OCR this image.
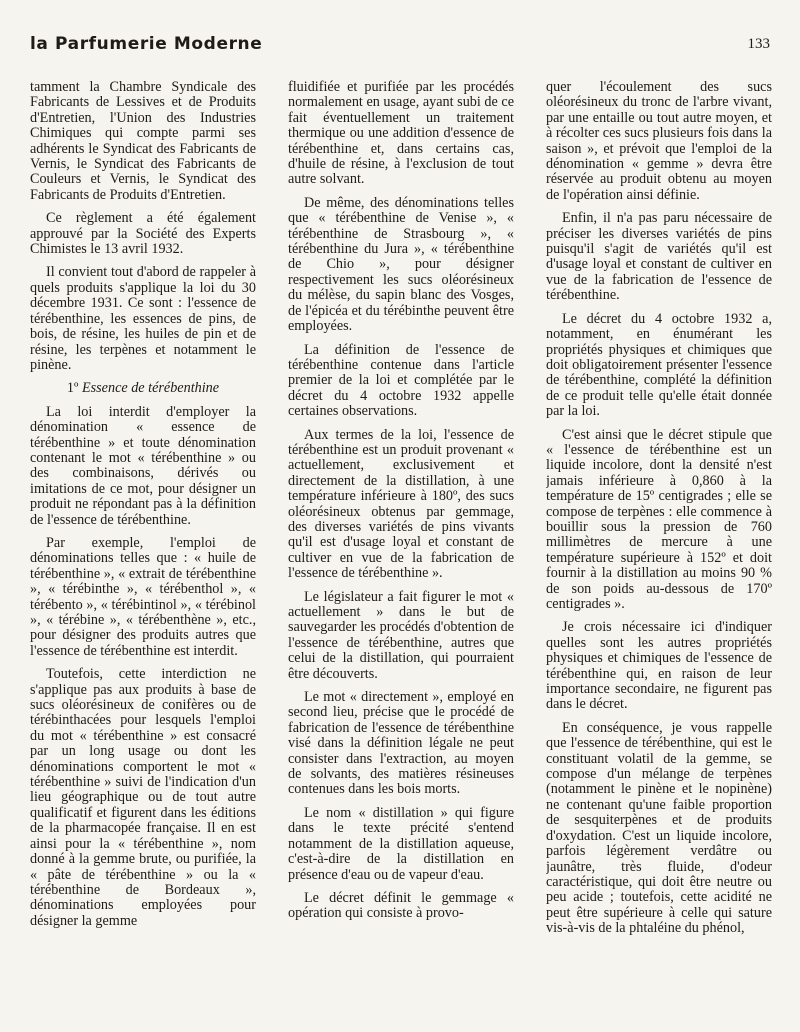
la Parfumerie Moderne	133

tamment la Chambre Syndicale des Fabricants de Lessives et de Produits d'Entretien, l'Union des Industries Chimiques qui compte parmi ses adhérents le Syndicat des Fabricants de Vernis, le Syndicat des Fabricants de Couleurs et Vernis, le Syndicat des Fabricants de Produits d'Entretien.

Ce règlement a été également approuvé par la Société des Experts Chimistes le 13 avril 1932.

Il convient tout d'abord de rappeler à quels produits s'applique la loi du 30 décembre 1931. Ce sont : l'essence de térébenthine, les essences de pins, de bois, de résine, les huiles de pin et de résine, les terpènes et notamment le pinène.

1º Essence de térébenthine

La loi interdit d'employer la dénomination « essence de térébenthine » et toute dénomination contenant le mot « térébenthine » ou des combinaisons, dérivés ou imitations de ce mot, pour désigner un produit ne répondant pas à la définition de l'essence de térébenthine.

Par exemple, l'emploi de dénominations telles que : « huile de térébenthine », « extrait de térébenthine », « térébinthe », « térébenthol », « térébento », « térébintinol », « térébinol », « térébine », « térébenthène », etc., pour désigner des produits autres que l'essence de térébenthine est interdit.

Toutefois, cette interdiction ne s'applique pas aux produits à base de sucs oléorésineux de conifères ou de térébinthacées pour lesquels l'emploi du mot « térébenthine » est consacré par un long usage ou dont les dénominations comportent le mot « térébenthine » suivi de l'indication d'un lieu géographique ou de tout autre qualificatif et figurent dans les éditions de la pharmacopée française. Il en est ainsi pour la « térébenthine », nom donné à la gemme brute, ou purifiée, la « pâte de térébenthine » ou la « térébenthine de Bordeaux », dénominations employées pour désigner la gemme

fluidifiée et purifiée par les procédés normalement en usage, ayant subi de ce fait éventuellement un traitement thermique ou une addition d'essence de térébenthine et, dans certains cas, d'huile de résine, à l'exclusion de tout autre solvant.

De même, des dénominations telles que « térébenthine de Venise », « térébenthine de Strasbourg », « térébenthine du Jura », « térébenthine de Chio », pour désigner respectivement les sucs oléorésineux du mélèse, du sapin blanc des Vosges, de l'épicéa et du térébinthe peuvent être employées.

La définition de l'essence de térébenthine contenue dans l'article premier de la loi et complétée par le décret du 4 octobre 1932 appelle certaines observations.

Aux termes de la loi, l'essence de térébenthine est un produit provenant « actuellement, exclusivement et directement de la distillation, à une température inférieure à 180º, des sucs oléorésineux obtenus par gemmage, des diverses variétés de pins vivants qu'il est d'usage loyal et constant de cultiver en vue de la fabrication de l'essence de térébenthine ».

Le législateur a fait figurer le mot « actuellement » dans le but de sauvegarder les procédés d'obtention de l'essence de térébenthine, autres que celui de la distillation, qui pourraient être découverts.

Le mot « directement », employé en second lieu, précise que le procédé de fabrication de l'essence de térébenthine visé dans la définition légale ne peut consister dans l'extraction, au moyen de solvants, des matières résineuses contenues dans les bois morts.

Le nom « distillation » qui figure dans le texte précité s'entend notamment de la distillation aqueuse, c'est-à-dire de la distillation en présence d'eau ou de vapeur d'eau.

Le décret définit le gemmage « opération qui consiste à provo-

quer l'écoulement des sucs oléorésineux du tronc de l'arbre vivant, par une entaille ou tout autre moyen, et à récolter ces sucs plusieurs fois dans la saison », et prévoit que l'emploi de la dénomination « gemme » devra être réservée au produit obtenu au moyen de l'opération ainsi définie.

Enfin, il n'a pas paru nécessaire de préciser les diverses variétés de pins puisqu'il s'agit de variétés qu'il est d'usage loyal et constant de cultiver en vue de la fabrication de l'essence de térébenthine.

Le décret du 4 octobre 1932 a, notamment, en énumérant les propriétés physiques et chimiques que doit obligatoirement présenter l'essence de térébenthine, complété la définition de ce produit telle qu'elle était donnée par la loi.

C'est ainsi que le décret stipule que « l'essence de térébenthine est un liquide incolore, dont la densité n'est jamais inférieure à 0,860 à la température de 15º centigrades ; elle se compose de terpènes : elle commence à bouillir sous la pression de 760 millimètres de mercure à une température supérieure à 152º et doit fournir à la distillation au moins 90 % de son poids au-dessous de 170º centigrades ».

Je crois nécessaire ici d'indiquer quelles sont les autres propriétés physiques et chimiques de l'essence de térébenthine qui, en raison de leur importance secondaire, ne figurent pas dans le décret.

En conséquence, je vous rappelle que l'essence de térébenthine, qui est le constituant volatil de la gemme, se compose d'un mélange de terpènes (notamment le pinène et le nopinène) ne contenant qu'une faible proportion de sesquiterpènes et de produits d'oxydation. C'est un liquide incolore, parfois légèrement verdâtre ou jaunâtre, très fluide, d'odeur caractéristique, qui doit être neutre ou peu acide ; toutefois, cette acidité ne peut être supérieure à celle qui sature vis-à-vis de la phtaléine du phénol,
